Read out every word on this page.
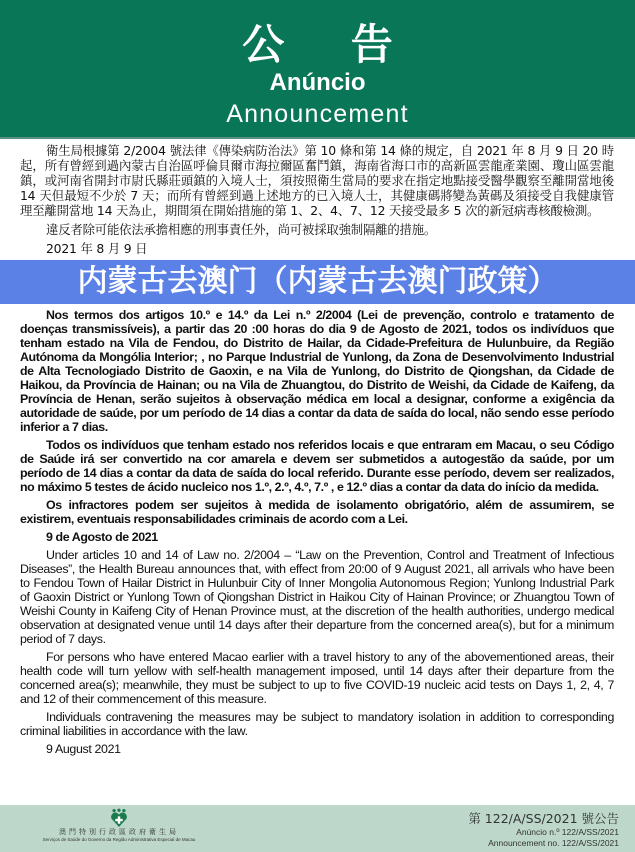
公 告
Anúncio
Announcement
衛生局根據第 2/2004 號法律《傳染病防治法》第 10 條和第 14 條的規定，自 2021 年 8 月 9 日 20 時起，所有曾經到過內蒙古自治區呼倫貝爾市海拉爾區奮鬥鎮，海南省海口市的高新區雲龍產業園、瓊山區雲龍鎮，或河南省開封市尉氏縣莊頭鎮的入境人士，須按照衛生當局的要求在指定地點接受醫學觀察至離開當地後 14 天但最短不少於 7 天；而所有曾經到過上述地方的已入境人士，其健康碼將變為黃碼及須接受自我健康管理至離開當地 14 天為止，期間須在開始措施的第 1、2、4、7、12 天接受最多 5 次的新冠病毒核酸檢測。
違反者除可能依法承擔相應的刑事責任外，尚可被採取強制隔離的措施。
2021 年 8 月 9 日
内蒙古去澳门（内蒙古去澳门政策）
Nos termos dos artigos 10.º e 14.º da Lei n.º 2/2004 (Lei de prevenção, controlo e tratamento de doenças transmissíveis), a partir das 20 :00 horas do dia 9 de Agosto de 2021, todos os indivíduos que tenham estado na Vila de Fendou, do Distrito de Hailar, da Cidade-Prefeitura de Hulunbuire, da Região Autónoma da Mongólia Interior; , no Parque Industrial de Yunlong, da Zona de Desenvolvimento Industrial de Alta Tecnologiado Distrito de Gaoxin, e na Vila de Yunlong, do Distrito de Qiongshan, da Cidade de Haikou, da Província de Hainan; ou na Vila de Zhuangtou, do Distrito de Weishi, da Cidade de Kaifeng, da Província de Henan, serão sujeitos à observação médica em local a designar, conforme a exigência da autoridade de saúde, por um período de 14 dias a contar da data de saída do local, não sendo esse período inferior a 7 dias.
Todos os indivíduos que tenham estado nos referidos locais e que entraram em Macau, o seu Código de Saúde irá ser convertido na cor amarela e devem ser submetidos a autogestão da saúde, por um período de 14 dias a contar da data de saída do local referido. Durante esse período, devem ser realizados, no máximo 5 testes de ácido nucleico nos 1.º, 2.º, 4.º, 7.º , e 12.º dias a contar da data do início da medida.
Os infractores podem ser sujeitos à medida de isolamento obrigatório, além de assumirem, se existirem, eventuais responsabilidades criminais de acordo com a Lei.
9 de Agosto de 2021
Under articles 10 and 14 of Law no. 2/2004 – “Law on the Prevention, Control and Treatment of Infectious Diseases”, the Health Bureau announces that, with effect from 20:00 of 9 August 2021, all arrivals who have been to Fendou Town of Hailar District in Hulunbuir City of Inner Mongolia Autonomous Region; Yunlong Industrial Park of Gaoxin District or Yunlong Town of Qiongshan District in Haikou City of Hainan Province; or Zhuangtou Town of Weishi County in Kaifeng City of Henan Province must, at the discretion of the health authorities, undergo medical observation at designated venue until 14 days after their departure from the concerned area(s), but for a minimum period of 7 days.
For persons who have entered Macao earlier with a travel history to any of the abovementioned areas, their health code will turn yellow with self-health management imposed, until 14 days after their departure from the concerned area(s); meanwhile, they must be subject to up to five COVID-19 nucleic acid tests on Days 1, 2, 4, 7 and 12 of their commencement of this measure.
Individuals contravening the measures may be subject to mandatory isolation in addition to corresponding criminal liabilities in accordance with the law.
9 August 2021
澳門特別行政區政府衛生局
Serviços de Saúde do Governo da Região Administrativa Especial de Macau
第 122/A/SS/2021 號公告
Anúncio n.º 122/A/SS/2021
Announcement no. 122/A/SS/2021
